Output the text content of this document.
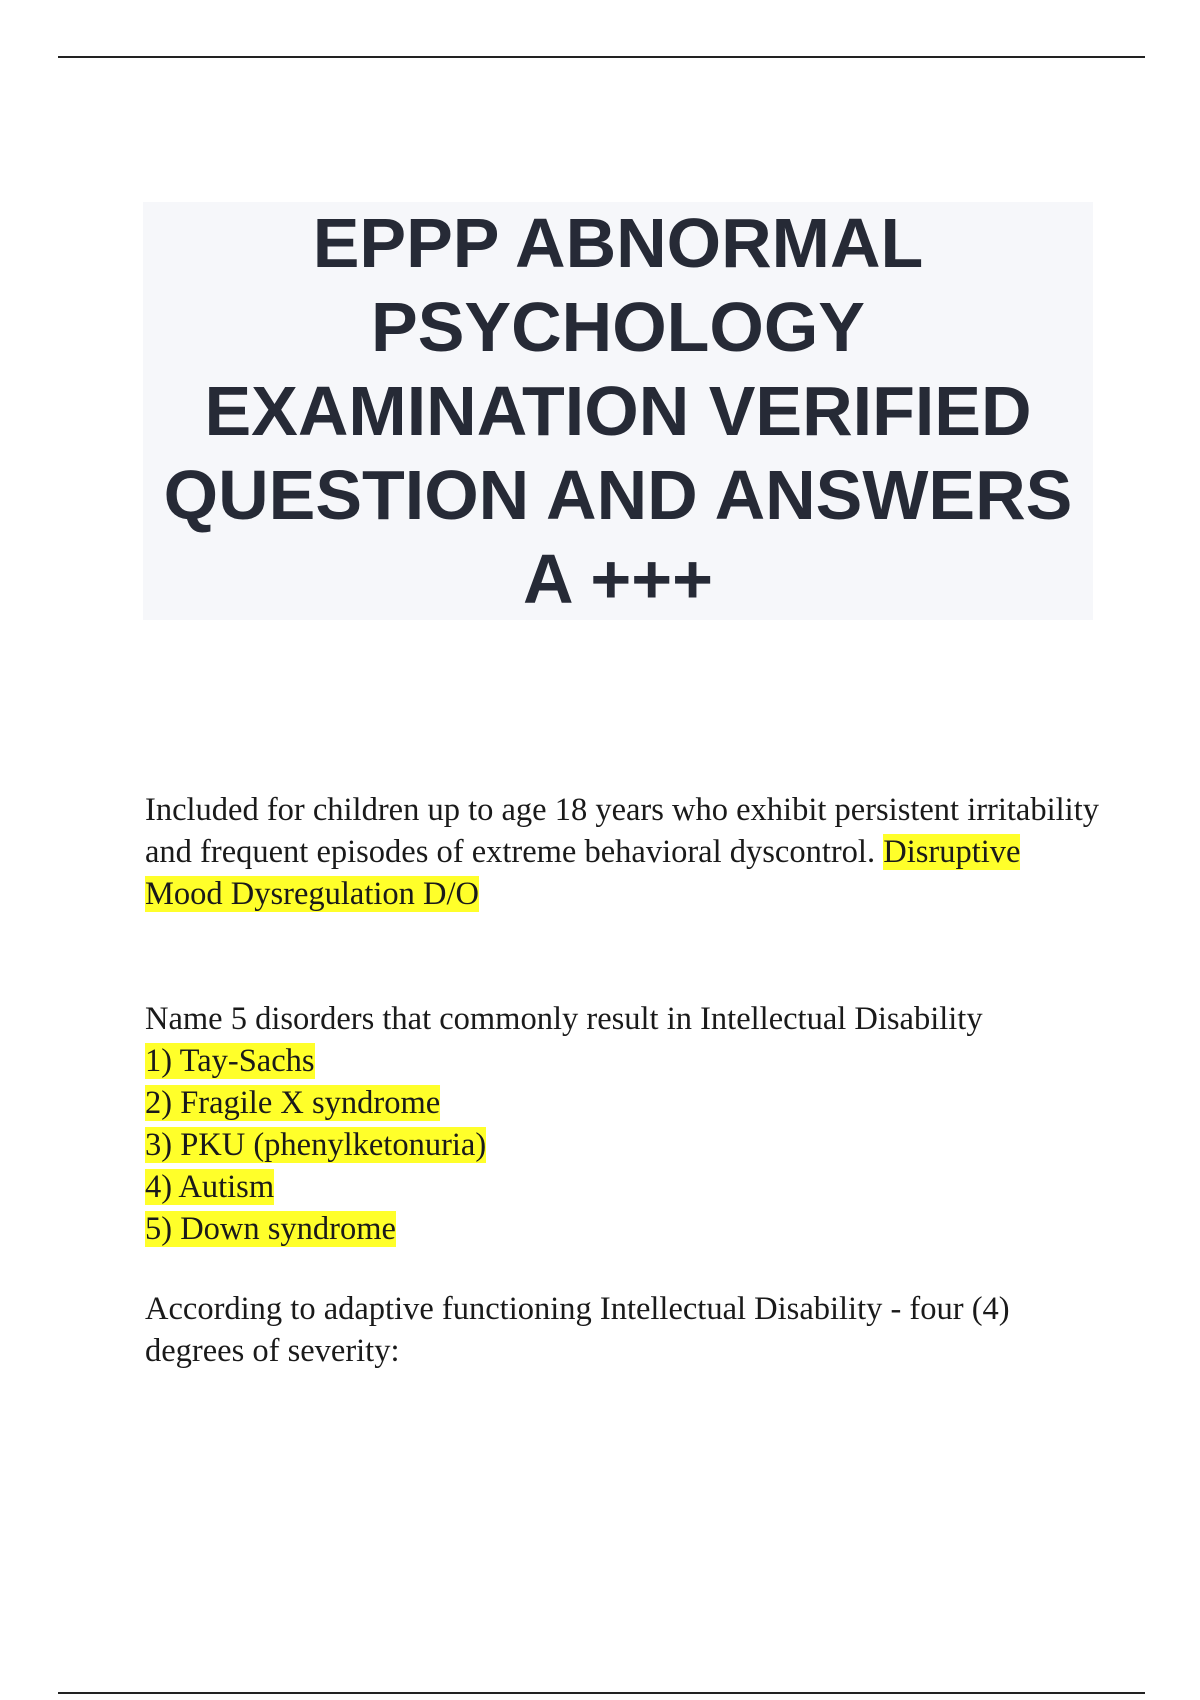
EPPP ABNORMAL PSYCHOLOGY EXAMINATION VERIFIED QUESTION AND ANSWERS A +++
Included for children up to age 18 years who exhibit persistent irritability and frequent episodes of extreme behavioral dyscontrol. Disruptive Mood Dysregulation D/O
Name 5 disorders that commonly result in Intellectual Disability
1) Tay-Sachs
2) Fragile X syndrome
3) PKU (phenylketonuria)
4) Autism
5) Down syndrome
According to adaptive functioning Intellectual Disability - four (4) degrees of severity:
